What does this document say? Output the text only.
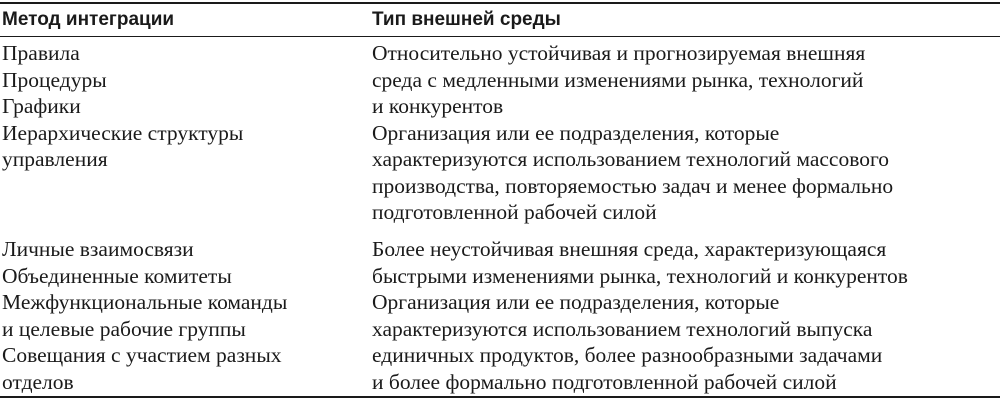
Метод интеграции	Тип внешней среды
Правила
Процедуры
Графики
Иерархические структуры
управления
Относительно устойчивая и прогнозируемая внешняя
среда с медленными изменениями рынка, технологий
и конкурентов
Организация или ее подразделения, которые
характеризуются использованием технологий массового
производства, повторяемостью задач и менее формально
подготовленной рабочей силой
Личные взаимосвязи
Объединенные комитеты
Межфункциональные команды
и целевые рабочие группы
Совещания с участием разных
отделов
Более неустойчивая внешняя среда, характеризующаяся
быстрыми изменениями рынка, технологий и конкурентов
Организация или ее подразделения, которые
характеризуются использованием технологий выпуска
единичных продуктов, более разнообразными задачами
и более формально подготовленной рабочей силой
